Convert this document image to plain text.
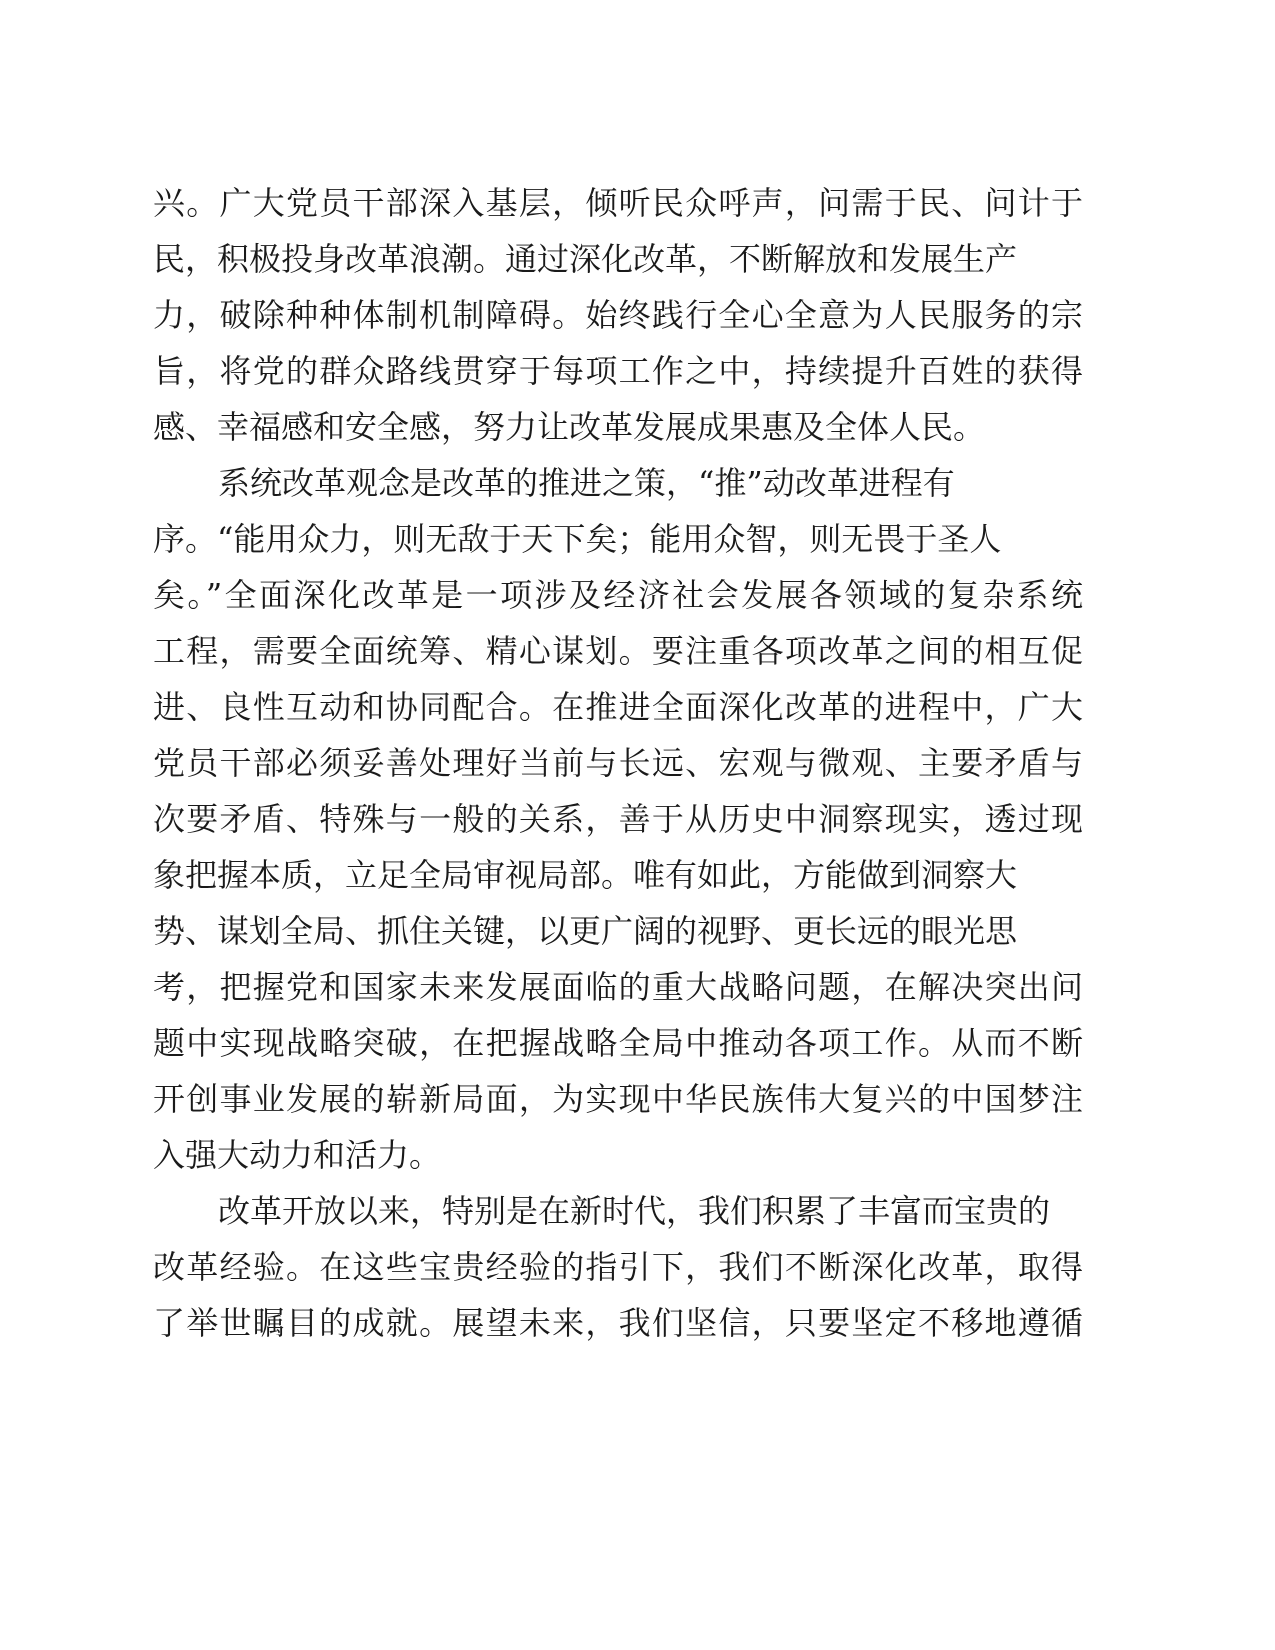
兴。广大党员干部深入基层，倾听民众呼声，问需于民、问计于
民，积极投身改革浪潮。通过深化改革，不断解放和发展生产
力，破除种种体制机制障碍。始终践行全心全意为人民服务的宗
旨，将党的群众路线贯穿于每项工作之中，持续提升百姓的获得
感、幸福感和安全感，努力让改革发展成果惠及全体人民。
系统改革观念是改革的推进之策，“推”动改革进程有
序。“能用众力，则无敌于天下矣；能用众智，则无畏于圣人
矣。”全面深化改革是一项涉及经济社会发展各领域的复杂系统
工程，需要全面统筹、精心谋划。要注重各项改革之间的相互促
进、良性互动和协同配合。在推进全面深化改革的进程中，广大
党员干部必须妥善处理好当前与长远、宏观与微观、主要矛盾与
次要矛盾、特殊与一般的关系，善于从历史中洞察现实，透过现
象把握本质，立足全局审视局部。唯有如此，方能做到洞察大
势、谋划全局、抓住关键，以更广阔的视野、更长远的眼光思
考，把握党和国家未来发展面临的重大战略问题，在解决突出问
题中实现战略突破，在把握战略全局中推动各项工作。从而不断
开创事业发展的崭新局面，为实现中华民族伟大复兴的中国梦注
入强大动力和活力。
改革开放以来，特别是在新时代，我们积累了丰富而宝贵的
改革经验。在这些宝贵经验的指引下，我们不断深化改革，取得
了举世瞩目的成就。展望未来，我们坚信，只要坚定不移地遵循
